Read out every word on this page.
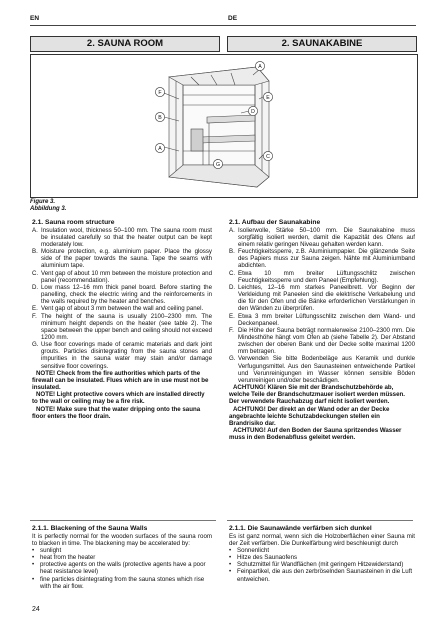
EN	DE
2. SAUNA ROOM	2. SAUNAKABINE
A
F
B
E
D
A
C
G
Figure 3.
Abbildung 3.
2.1. Sauna room structure
A. Insulation wool, thickness 50–100 mm. The sauna room must be insulated carefully so that the heater output can be kept moderately low.
B. Moisture protection, e.g. aluminium paper. Place the glossy side of the paper towards the sauna. Tape the seams with aluminium tape.
C. Vent gap of about 10 mm between the moisture protection and panel (recommendation).
D. Low mass 12–16 mm thick panel board. Before starting the panelling, check the electric wiring and the reinforcements in the walls required by the heater and benches.
E. Vent gap of about 3 mm between the wall and ceiling panel.
F. The height of the sauna is usually 2100–2300 mm. The minimum height depends on the heater (see table 2). The space between the upper bench and ceiling should not exceed 1200 mm.
G. Use floor coverings made of ceramic materials and dark joint grouts. Particles disintegrating from the sauna stones and impurities in the sauna water may stain and/or damage sensitive floor coverings.
NOTE! Check from the fire authorities which parts of the firewall can be insulated. Flues which are in use must not be insulated.
NOTE! Light protective covers which are installed directly to the wall or ceiling may be a fire risk.
NOTE! Make sure that the water dripping onto the sauna floor enters the floor drain.
2.1. Aufbau der Saunakabine
A. Isolierwolle, Stärke 50–100 mm. Die Saunakabine muss sorgfältig isoliert werden, damit die Kapazität des Ofens auf einem relativ geringen Niveau gehalten werden kann.
B. Feuchtigkeitssperre, z.B. Aluminiumpapier. Die glänzende Seite des Papiers muss zur Sauna zeigen. Nähte mit Aluminiumband abdichten.
C. Etwa 10 mm breiter Lüftungsschlitz zwischen Feuchtigkeitssperre und dem Paneel (Empfehlung).
D. Leichtes, 12–16 mm starkes Paneelbrett. Vor Beginn der Verkleidung mit Paneelen sind die elektrische Verkabelung und die für den Ofen und die Bänke erforderlichen Verstärkungen in den Wänden zu überprüfen.
E. Etwa 3 mm breiter Lüftungsschlitz zwischen dem Wand- und Deckenpaneel.
F. Die Höhe der Sauna beträgt normalerweise 2100–2300 mm. Die Mindesthöhe hängt vom Ofen ab (siehe Tabelle 2). Der Abstand zwischen der oberen Bank und der Decke sollte maximal 1200 mm betragen.
G. Verwenden Sie bitte Bodenbeläge aus Keramik und dunkle Verfugungsmittel. Aus den Saunasteinen entweichende Partikel und Verunreinigungen im Wasser können sensible Böden verunreinigen und/oder beschädigen.
ACHTUNG! Klären Sie mit der Brandschutzbehörde ab, welche Teile der Brandschutzmauer isoliert werden müssen. Der verwendete Rauchabzug darf nicht isoliert werden.
ACHTUNG! Der direkt an der Wand oder an der Decke angebrachte leichte Schutzabdeckungen stellen ein Brandrisiko dar.
ACHTUNG! Auf den Boden der Sauna spritzendes Wasser muss in den Bodenabfluss geleitet werden.
2.1.1. Blackening of the Sauna Walls
It is perfectly normal for the wooden surfaces of the sauna room to blacken in time. The blackening may be accelerated by:
• sunlight
• heat from the heater
• protective agents on the walls (protective agents have a poor heat resistance level)
• fine particles disintegrating from the sauna stones which rise with the air flow.
2.1.1. Die Saunawände verfärben sich dunkel
Es ist ganz normal, wenn sich die Holzoberflächen einer Sauna mit der Zeit verfärben. Die Dunkelfärbung wird beschleunigt durch
• Sonnenlicht
• Hitze des Saunaofens
• Schutzmittel für Wandflächen (mit geringem Hitzewiderstand)
• Feinpartikel, die aus den zerbröselnden Saunasteinen in die Luft entweichen.
24
